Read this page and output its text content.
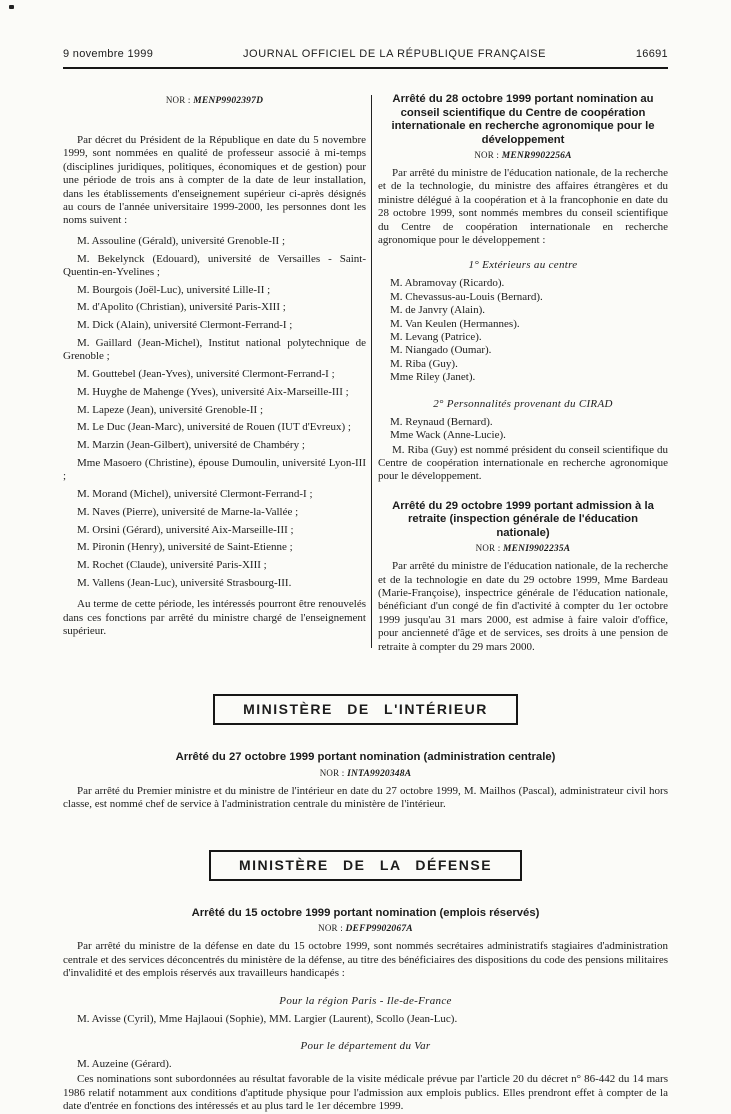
9 novembre 1999	JOURNAL OFFICIEL DE LA RÉPUBLIQUE FRANÇAISE	16691

NOR : MENP9902397D

Par décret du Président de la République en date du 5 novembre 1999, sont nommées en qualité de professeur associé à mi-temps (disciplines juridiques, politiques, économiques et de gestion) pour une période de trois ans à compter de la date de leur installation, dans les établissements d'enseignement supérieur ci-après désignés au cours de l'année universitaire 1999-2000, les personnes dont les noms suivent :

M. Assouline (Gérald), université Grenoble-II ;

M. Bekelynck (Edouard), université de Versailles - Saint-Quentin-en-Yvelines ;

M. Bourgois (Joël-Luc), université Lille-II ;

M. d'Apolito (Christian), université Paris-XIII ;

M. Dick (Alain), université Clermont-Ferrand-I ;

M. Gaillard (Jean-Michel), Institut national polytechnique de Grenoble ;

M. Gouttebel (Jean-Yves), université Clermont-Ferrand-I ;

M. Huyghe de Mahenge (Yves), université Aix-Marseille-III ;

M. Lapeze (Jean), université Grenoble-II ;

M. Le Duc (Jean-Marc), université de Rouen (IUT d'Evreux) ;

M. Marzin (Jean-Gilbert), université de Chambéry ;

Mme Masoero (Christine), épouse Dumoulin, université Lyon-III ;

M. Morand (Michel), université Clermont-Ferrand-I ;

M. Naves (Pierre), université de Marne-la-Vallée ;

M. Orsini (Gérard), université Aix-Marseille-III ;

M. Pironin (Henry), université de Saint-Etienne ;

M. Rochet (Claude), université Paris-XIII ;

M. Vallens (Jean-Luc), université Strasbourg-III.

Au terme de cette période, les intéressés pourront être renouvelés dans ces fonctions par arrêté du ministre chargé de l'enseignement supérieur.

Arrêté du 28 octobre 1999 portant nomination au conseil scientifique du Centre de coopération internationale en recherche agronomique pour le développement

NOR : MENR9902256A

Par arrêté du ministre de l'éducation nationale, de la recherche et de la technologie, du ministre des affaires étrangères et du ministre délégué à la coopération et à la francophonie en date du 28 octobre 1999, sont nommés membres du conseil scientifique du Centre de coopération internationale en recherche agronomique pour le développement :

1° Extérieurs au centre

M. Abramovay (Ricardo).

M. Chevassus-au-Louis (Bernard).

M. de Janvry (Alain).

M. Van Keulen (Hermannes).

M. Levang (Patrice).

M. Niangado (Oumar).

M. Riba (Guy).

Mme Riley (Janet).

2° Personnalités provenant du CIRAD

M. Reynaud (Bernard).

Mme Wack (Anne-Lucie).

M. Riba (Guy) est nommé président du conseil scientifique du Centre de coopération internationale en recherche agronomique pour le développement.

Arrêté du 29 octobre 1999 portant admission à la retraite (inspection générale de l'éducation nationale)

NOR : MENI9902235A

Par arrêté du ministre de l'éducation nationale, de la recherche et de la technologie en date du 29 octobre 1999, Mme Bardeau (Marie-Françoise), inspectrice générale de l'éducation nationale, bénéficiant d'un congé de fin d'activité à compter du 1er octobre 1999 jusqu'au 31 mars 2000, est admise à faire valoir d'office, pour ancienneté d'âge et de services, ses droits à une pension de retraite à compter du 29 mars 2000.

MINISTÈRE DE L'INTÉRIEUR
Arrêté du 27 octobre 1999 portant nomination (administration centrale)

NOR : INTA9920348A

Par arrêté du Premier ministre et du ministre de l'intérieur en date du 27 octobre 1999, M. Mailhos (Pascal), administrateur civil hors classe, est nommé chef de service à l'administration centrale du ministère de l'intérieur.

MINISTÈRE DE LA DÉFENSE
Arrêté du 15 octobre 1999 portant nomination (emplois réservés)

NOR : DEFP9902067A

Par arrêté du ministre de la défense en date du 15 octobre 1999, sont nommés secrétaires administratifs stagiaires d'administration centrale et des services déconcentrés du ministère de la défense, au titre des bénéficiaires des dispositions du code des pensions militaires d'invalidité et des emplois réservés aux travailleurs handicapés :

Pour la région Paris - Ile-de-France

M. Avisse (Cyril), Mme Hajlaoui (Sophie), MM. Largier (Laurent), Scollo (Jean-Luc).

Pour le département du Var

M. Auzeine (Gérard).

Ces nominations sont subordonnées au résultat favorable de la visite médicale prévue par l'article 20 du décret n° 86-442 du 14 mars 1986 relatif notamment aux conditions d'aptitude physique pour l'admission aux emplois publics. Elles prendront effet à compter de la date d'entrée en fonctions des intéressés et au plus tard le 1er décembre 1999.
